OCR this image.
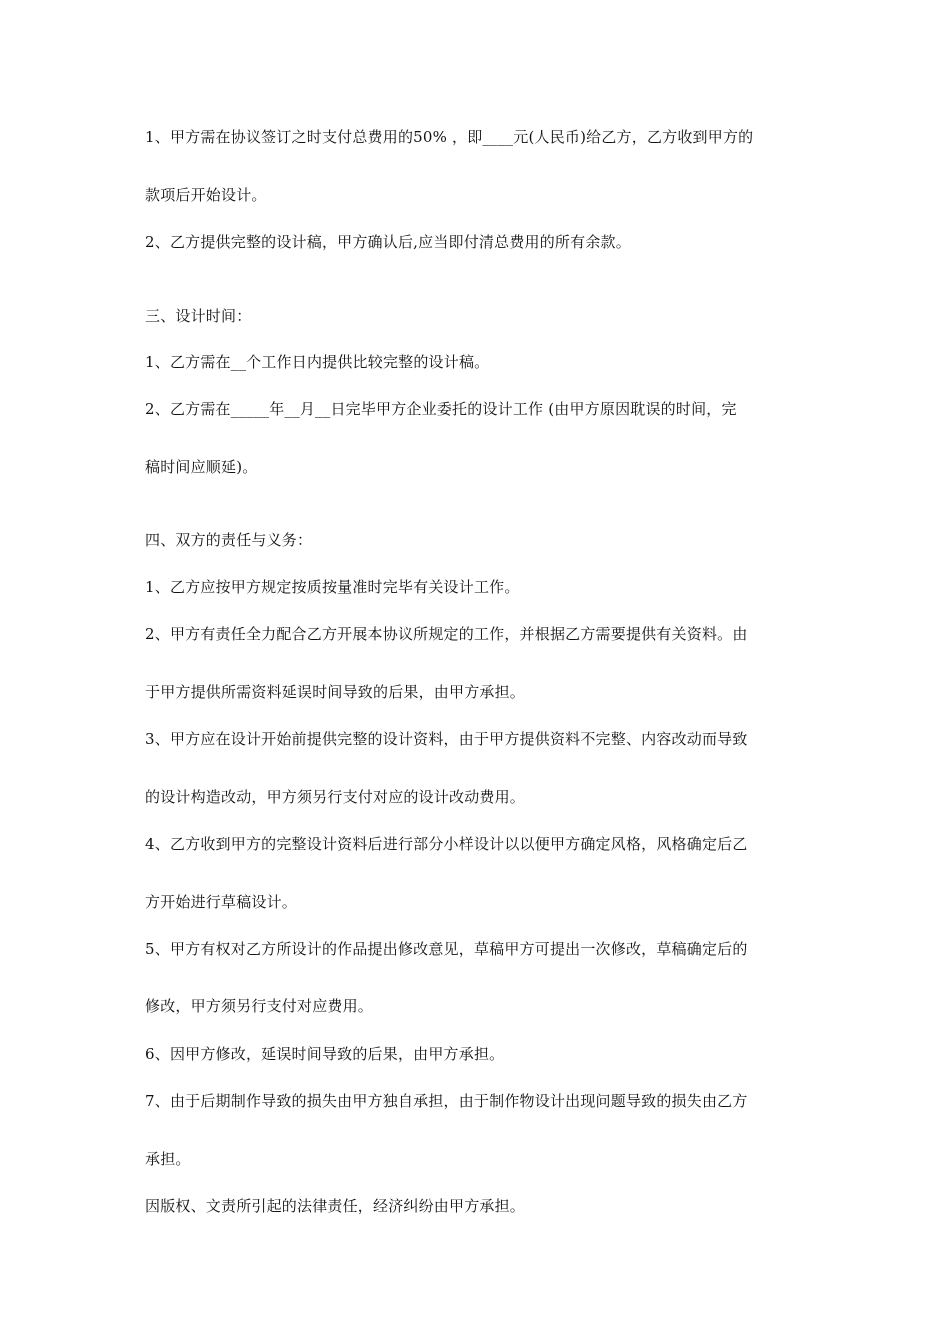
1、甲方需在协议签订之时支付总费用的50% ，即____元(人民币)给乙方，乙方收到甲方的
款项后开始设计。
2、乙方提供完整的设计稿，甲方确认后,应当即付清总费用的所有余款。
三、设计时间：
1、乙方需在__个工作日内提供比较完整的设计稿。
2、乙方需在_____年__月__日完毕甲方企业委托的设计工作 (由甲方原因耽误的时间，完
稿时间应顺延)。
四、双方的责任与义务：
1、乙方应按甲方规定按质按量准时完毕有关设计工作。
2、甲方有责任全力配合乙方开展本协议所规定的工作，并根据乙方需要提供有关资料。由
于甲方提供所需资料延误时间导致的后果，由甲方承担。
3、甲方应在设计开始前提供完整的设计资料，由于甲方提供资料不完整、内容改动而导致
的设计构造改动，甲方须另行支付对应的设计改动费用。
4、乙方收到甲方的完整设计资料后进行部分小样设计以以便甲方确定风格，风格确定后乙
方开始进行草稿设计。
5、甲方有权对乙方所设计的作品提出修改意见，草稿甲方可提出一次修改，草稿确定后的
修改，甲方须另行支付对应费用。
6、因甲方修改，延误时间导致的后果，由甲方承担。
7、由于后期制作导致的损失由甲方独自承担，由于制作物设计出现问题导致的损失由乙方
承担。
因版权、文责所引起的法律责任，经济纠纷由甲方承担。
